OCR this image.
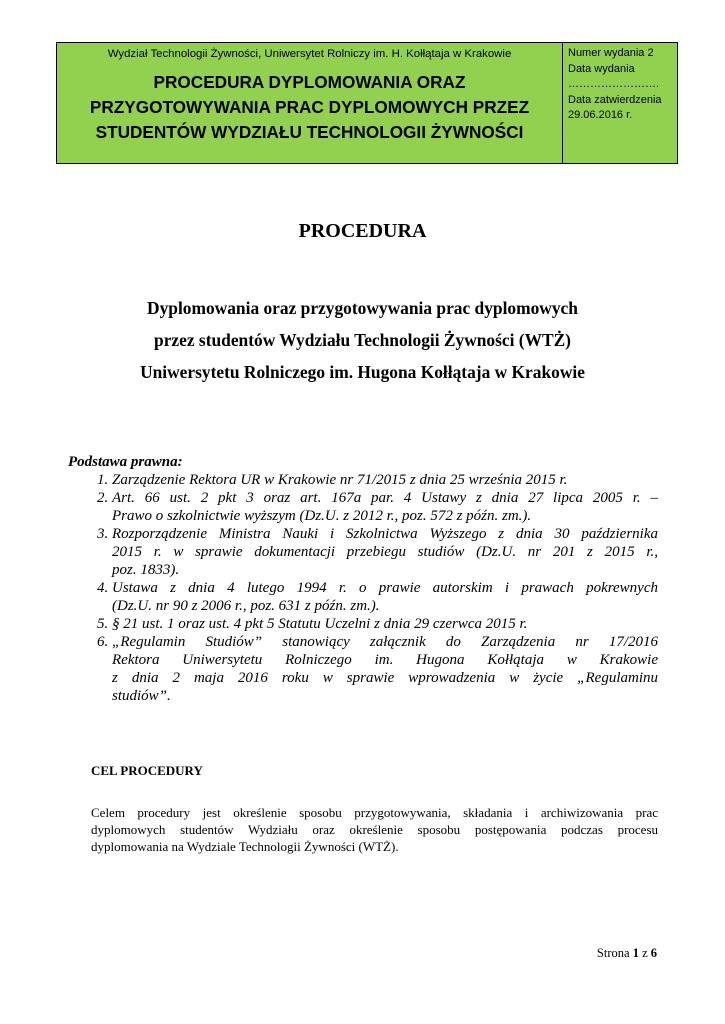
Wydział Technologii Żywności, Uniwersytet Rolniczy im. H. Kołłątaja w Krakowie
PROCEDURA DYPLOMOWANIA ORAZ
PRZYGOTOWYWANIA PRAC DYPLOMOWYCH PRZEZ
STUDENTÓW WYDZIAŁU TECHNOLOGII ŻYWNOŚCI
Numer wydania 2
Data wydania
…………………….
Data zatwierdzenia
29.06.2016 r.
PROCEDURA
Dyplomowania oraz przygotowywania prac dyplomowych
przez studentów Wydziału Technologii Żywności (WTŻ)
Uniwersytetu Rolniczego im. Hugona Kołłątaja w Krakowie
Podstawa prawna:
1. Zarządzenie Rektora UR w Krakowie nr 71/2015 z dnia 25 września 2015 r.
2. Art. 66 ust. 2 pkt 3 oraz art. 167a par. 4 Ustawy z dnia 27 lipca 2005 r. –
Prawo o szkolnictwie wyższym (Dz.U. z 2012 r., poz. 572 z późn. zm.).
3. Rozporządzenie Ministra Nauki i Szkolnictwa Wyższego z dnia 30 października
2015 r. w sprawie dokumentacji przebiegu studiów (Dz.U. nr 201 z 2015 r.,
poz. 1833).
4. Ustawa z dnia 4 lutego 1994 r. o prawie autorskim i prawach pokrewnych
(Dz.U. nr 90 z 2006 r., poz. 631 z późn. zm.).
5. § 21 ust. 1 oraz ust. 4 pkt 5 Statutu Uczelni z dnia 29 czerwca 2015 r.
6. „Regulamin Studiów” stanowiący załącznik do Zarządzenia nr 17/2016
Rektora Uniwersytetu Rolniczego im. Hugona Kołłątaja w Krakowie
z dnia 2 maja 2016 roku w sprawie wprowadzenia w życie „Regulaminu
studiów”.
CEL PROCEDURY
Celem procedury jest określenie sposobu przygotowywania, składania i archiwizowania prac
dyplomowych studentów Wydziału oraz określenie sposobu postępowania podczas procesu
dyplomowania na Wydziale Technologii Żywności (WTŻ).
Strona 1 z 6
